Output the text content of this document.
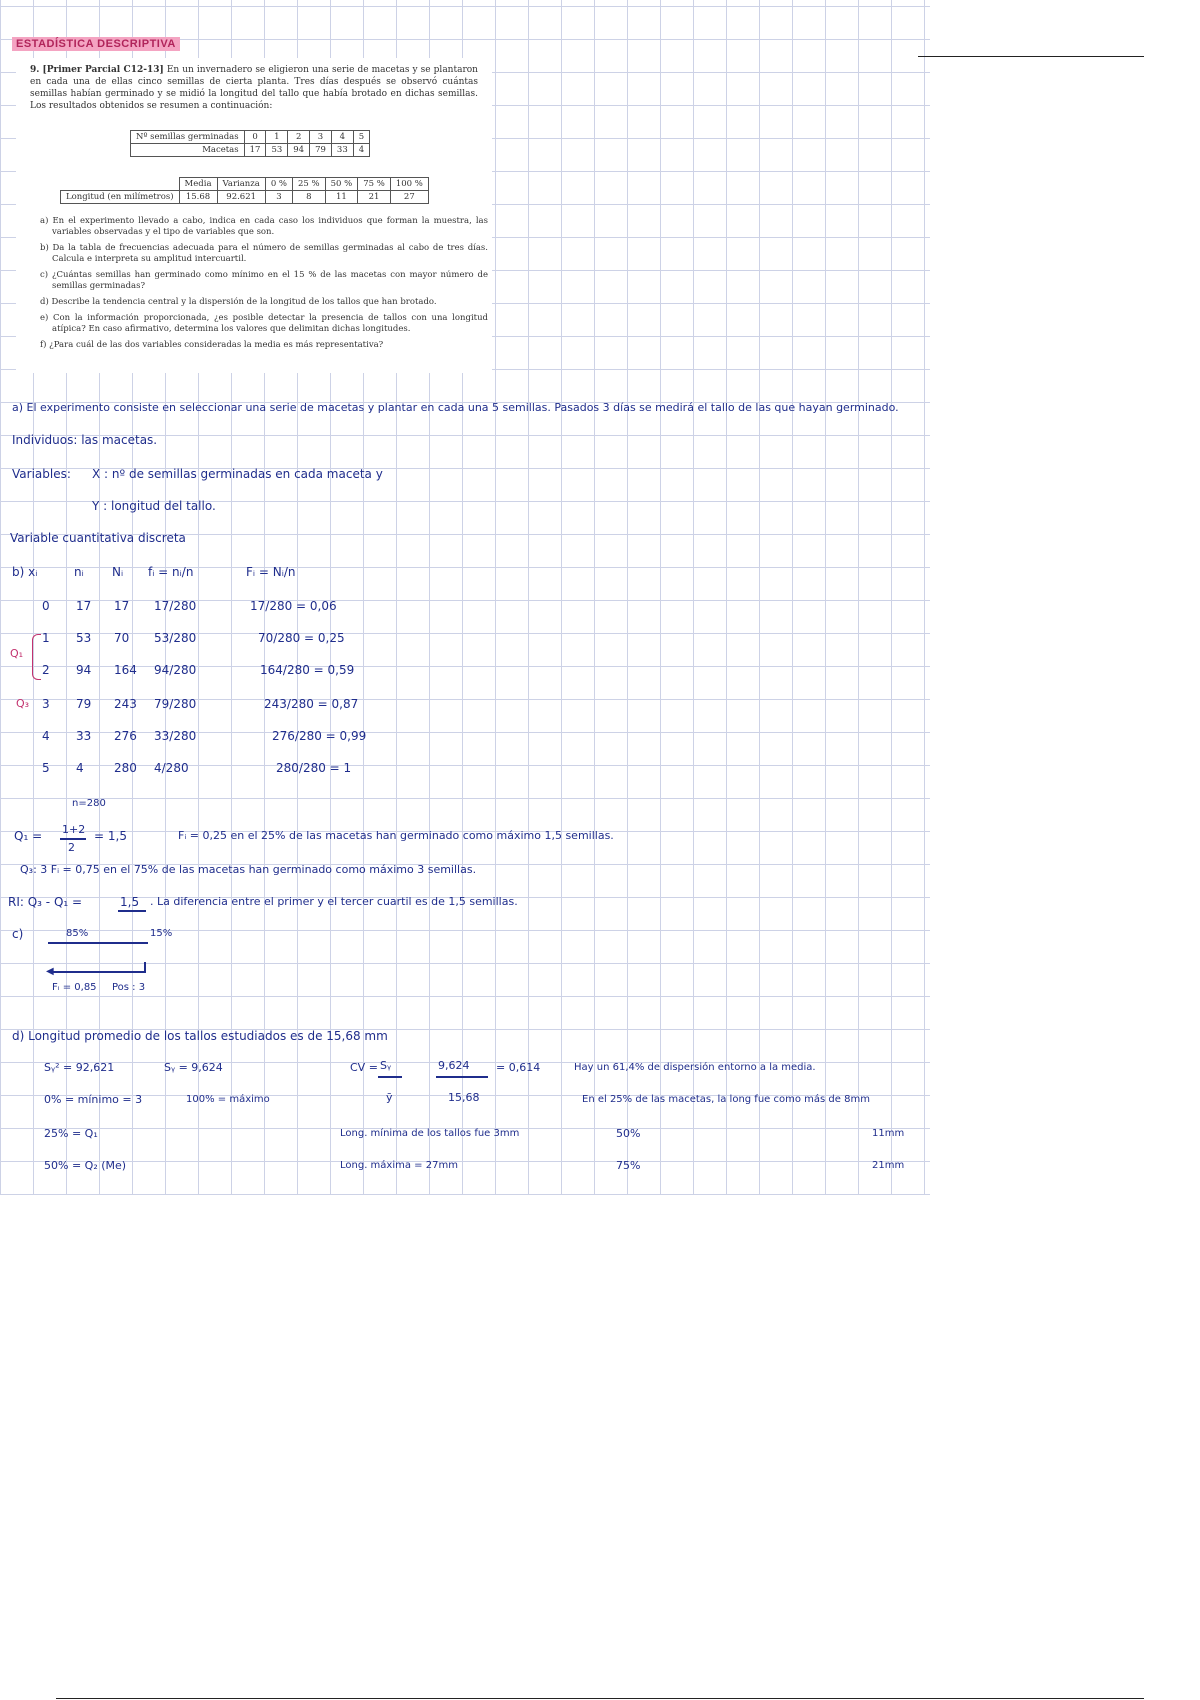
ESTADÍSTICA DESCRIPTIVA

9. [Primer Parcial C12-13] En un invernadero se eligieron una serie de macetas y se plantaron en cada una de ellas cinco semillas de cierta planta. Tres días después se observó cuántas semillas habían germinado y se midió la longitud del tallo que había brotado en dichas semillas. Los resultados obtenidos se resumen a continuación:

Nº semillas germinadas	0	1	2	3	4	5
Macetas	17	53	94	79	33	4
	Media	Varianza	0 %	25 %	50 %	75 %	100 %
Longitud (en milímetros)	15.68	92.621	3	8	11	21	27
a) En el experimento llevado a cabo, indica en cada caso los individuos que forman la muestra, las variables observadas y el tipo de variables que son.
b) Da la tabla de frecuencias adecuada para el número de semillas germinadas al cabo de tres días. Calcula e interpreta su amplitud intercuartil.
c) ¿Cuántas semillas han germinado como mínimo en el 15 % de las macetas con mayor número de semillas germinadas?
d) Describe la tendencia central y la dispersión de la longitud de los tallos que han brotado.
e) Con la información proporcionada, ¿es posible detectar la presencia de tallos con una longitud atípica? En caso afirmativo, determina los valores que delimitan dichas longitudes.
f) ¿Para cuál de las dos variables consideradas la media es más representativa?
a) El experimento consiste en seleccionar una serie de macetas y plantar en cada una 5 semillas. Pasados 3 días se medirá el tallo de las que hayan germinado.
Individuos: las macetas.
Variables: X : nº de semillas germinadas en cada maceta y
Y : longitud del tallo.
Variable cuantitativa discreta
b) xᵢ	nᵢ Nᵢ fᵢ = nᵢ/n	Fᵢ = Nᵢ/n
0 17 17 17/280	17/280 = 0,06
1 53 70 53/280	70/280 = 0,25
2 94 164 94/280	164/280 = 0,59
3 79 243 79/280	243/280 = 0,87
4 33 276 33/280	276/280 = 0,99
5 4	280 4/280	280/280 = 1
Q₁
Q₃
n=280
Q₁ = 1+2
2
= 1,5	Fᵢ = 0,25 en el 25% de las macetas han germinado como máximo 1,5 semillas.
Q₃: 3 Fᵢ = 0,75 en el 75% de las macetas han germinado como máximo 3 semillas.
RI: Q₃ - Q₁ =	1,5 . La diferencia entre el primer y el tercer cuartil es de 1,5 semillas.
c)	85%	15%
◀
Fᵢ = 0,85 Pos : 3
d) Longitud promedio de los tallos estudiados es de 15,68 mm
Sᵧ² = 92,621	Sᵧ = 9,624	CV = Sᵧ
ȳ
9,624
15,68
= 0,614	Hay un 61,4% de dispersión entorno a la media.
0% = mínimo = 3	100% = máximo	En el 25% de las macetas, la long fue como más de 8mm
25% = Q₁	Long. mínima de los tallos fue 3mm	50%	11mm
50% = Q₂ (Me)	Long. máxima = 27mm	75%	21mm
